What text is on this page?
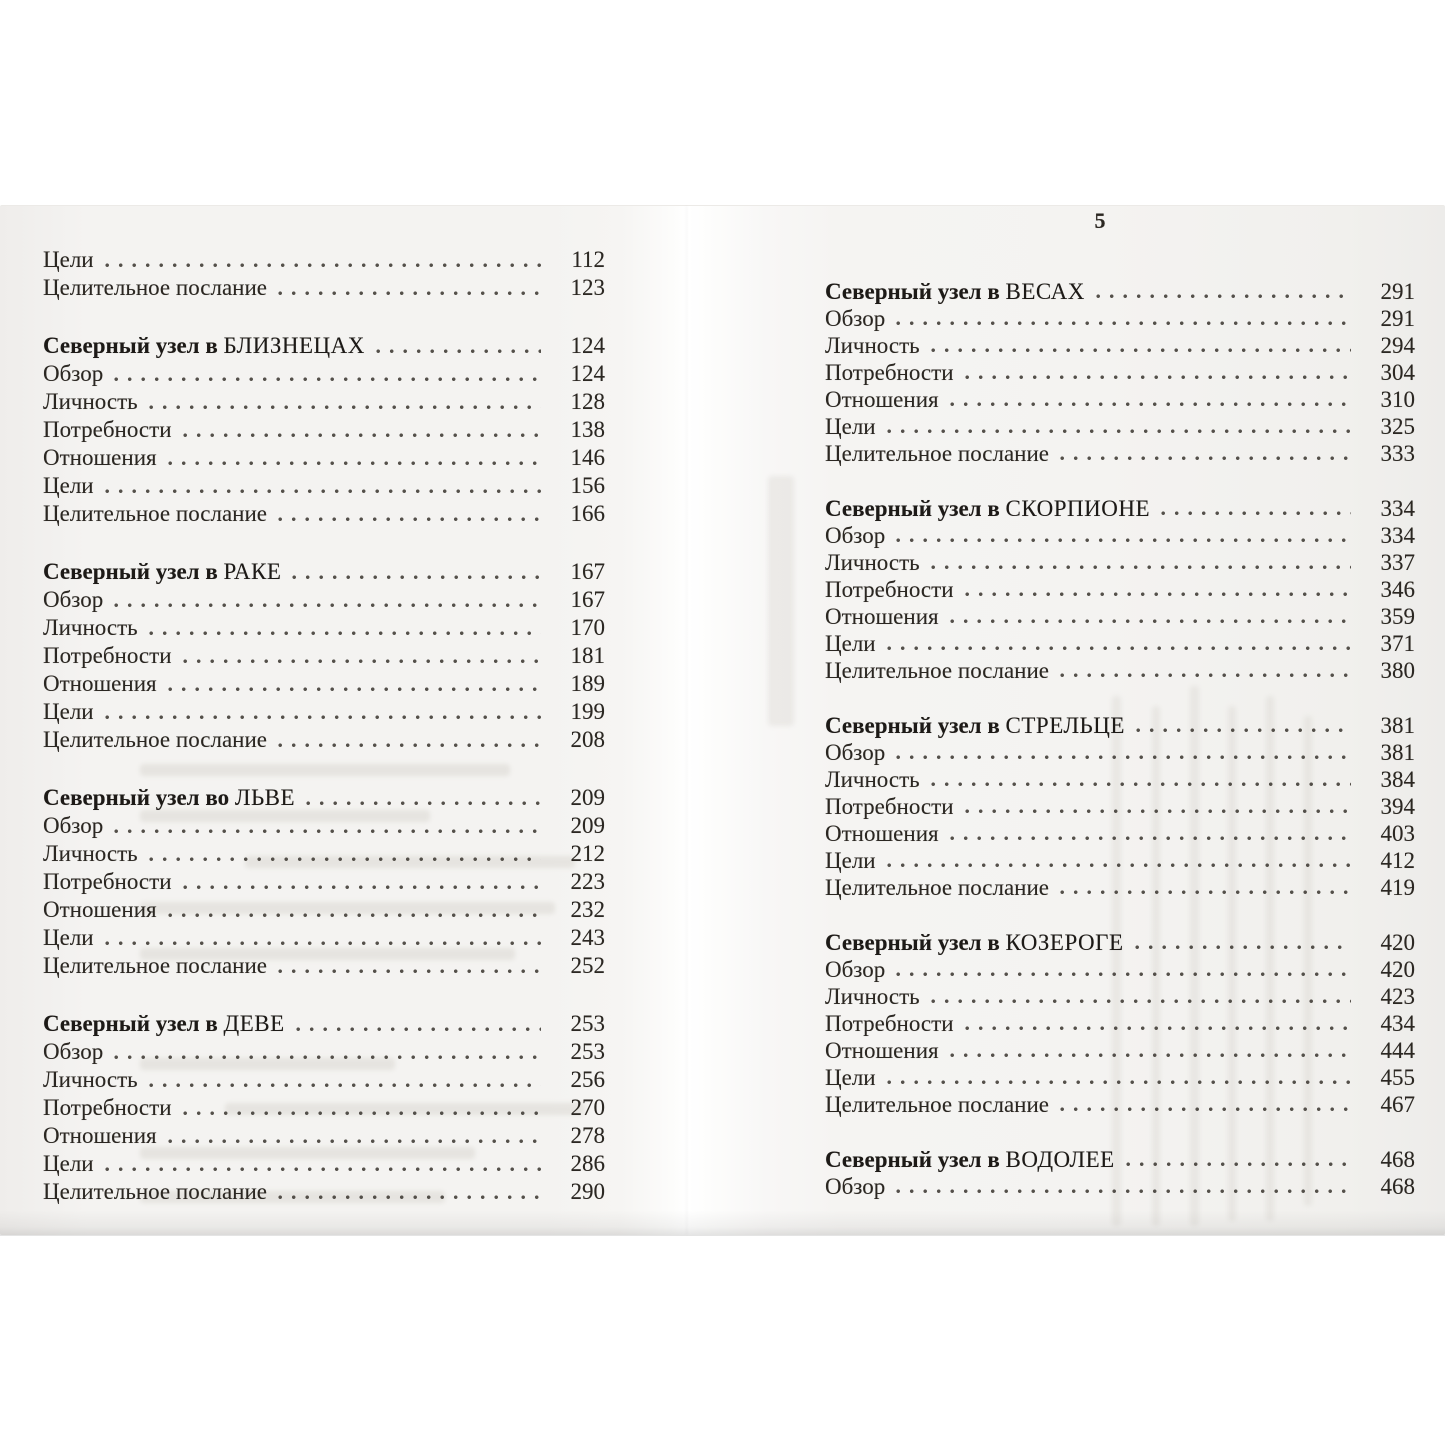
5
Цели	112
Целительное послание	123
Северный узел в БЛИЗНЕЦАХ	124
Обзор	124
Личность	128
Потребности	138
Отношения	146
Цели	156
Целительное послание	166
Северный узел в РАКЕ	167
Обзор	167
Личность	170
Потребности	181
Отношения	189
Цели	199
Целительное послание	208
Северный узел во ЛЬВЕ	209
Обзор	209
Личность	212
Потребности	223
Отношения	232
Цели	243
Целительное послание	252
Северный узел в ДЕВЕ	253
Обзор	253
Личность	256
Потребности	270
Отношения	278
Цели	286
Целительное послание	290
Северный узел в ВЕСАХ	291
Обзор	291
Личность	294
Потребности	304
Отношения	310
Цели	325
Целительное послание	333
Северный узел в СКОРПИОНЕ	334
Обзор	334
Личность	337
Потребности	346
Отношения	359
Цели	371
Целительное послание	380
Северный узел в СТРЕЛЬЦЕ	381
Обзор	381
Личность	384
Потребности	394
Отношения	403
Цели	412
Целительное послание	419
Северный узел в КОЗЕРОГЕ	420
Обзор	420
Личность	423
Потребности	434
Отношения	444
Цели	455
Целительное послание	467
Северный узел в ВОДОЛЕЕ	468
Обзор	468
